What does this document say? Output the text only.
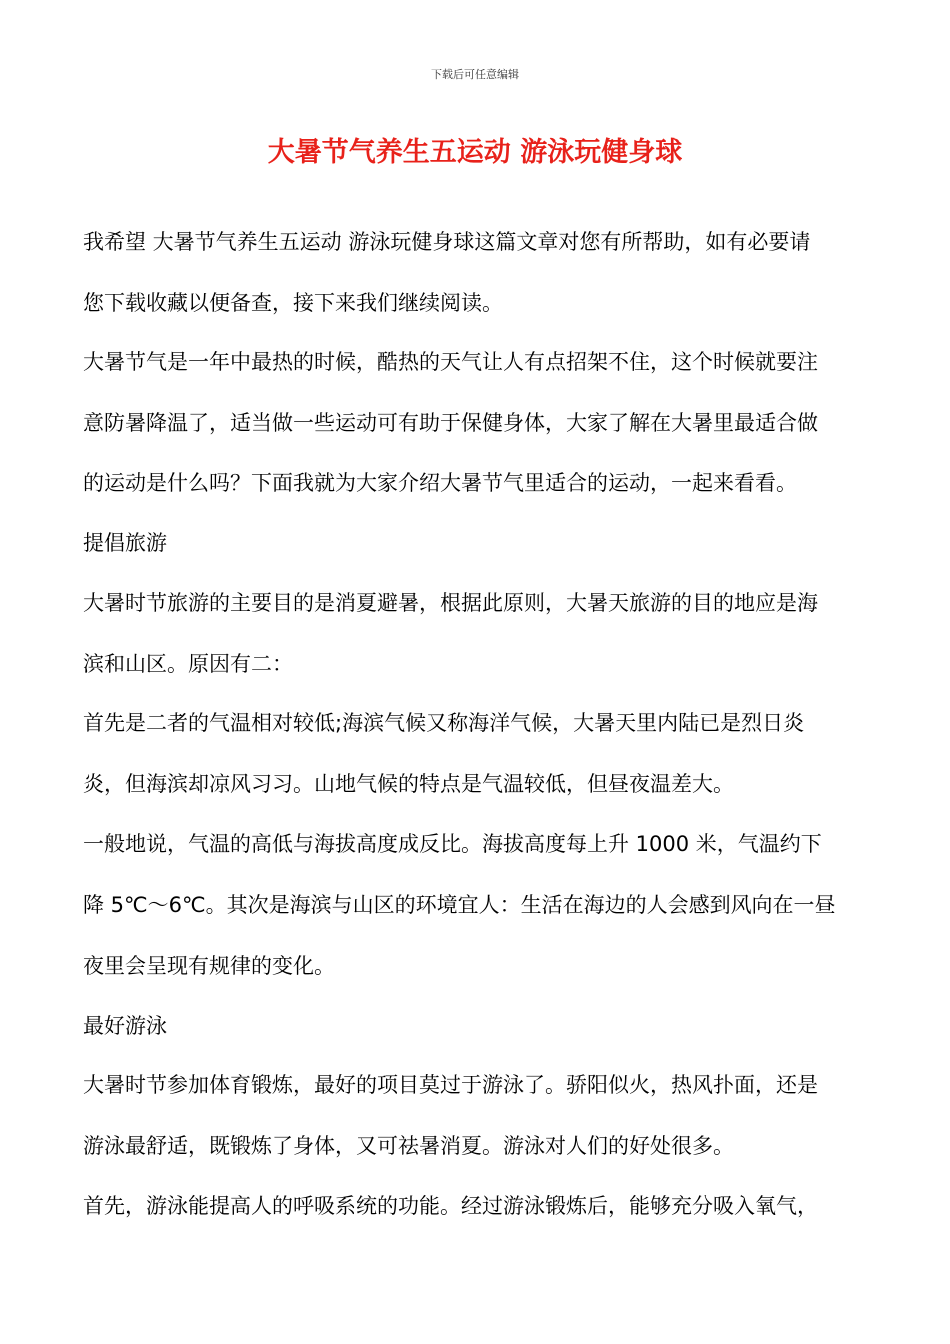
下载后可任意编辑
大暑节气养生五运动 游泳玩健身球
我希望 大暑节气养生五运动 游泳玩健身球这篇文章对您有所帮助，如有必要请
您下载收藏以便备查，接下来我们继续阅读。
大暑节气是一年中最热的时候，酷热的天气让人有点招架不住，这个时候就要注
意防暑降温了，适当做一些运动可有助于保健身体，大家了解在大暑里最适合做
的运动是什么吗？下面我就为大家介绍大暑节气里适合的运动，一起来看看。
提倡旅游
大暑时节旅游的主要目的是消夏避暑，根据此原则，大暑天旅游的目的地应是海
滨和山区。原因有二：
首先是二者的气温相对较低;海滨气候又称海洋气候，大暑天里内陆已是烈日炎
炎，但海滨却凉风习习。山地气候的特点是气温较低，但昼夜温差大。
一般地说，气温的高低与海拔高度成反比。海拔高度每上升 1000 米，气温约下
降 5℃～6℃。其次是海滨与山区的环境宜人：生活在海边的人会感到风向在一昼
夜里会呈现有规律的变化。
最好游泳
大暑时节参加体育锻炼，最好的项目莫过于游泳了。骄阳似火，热风扑面，还是
游泳最舒适，既锻炼了身体，又可祛暑消夏。游泳对人们的好处很多。
首先，游泳能提高人的呼吸系统的功能。经过游泳锻炼后，能够充分吸入氧气，
